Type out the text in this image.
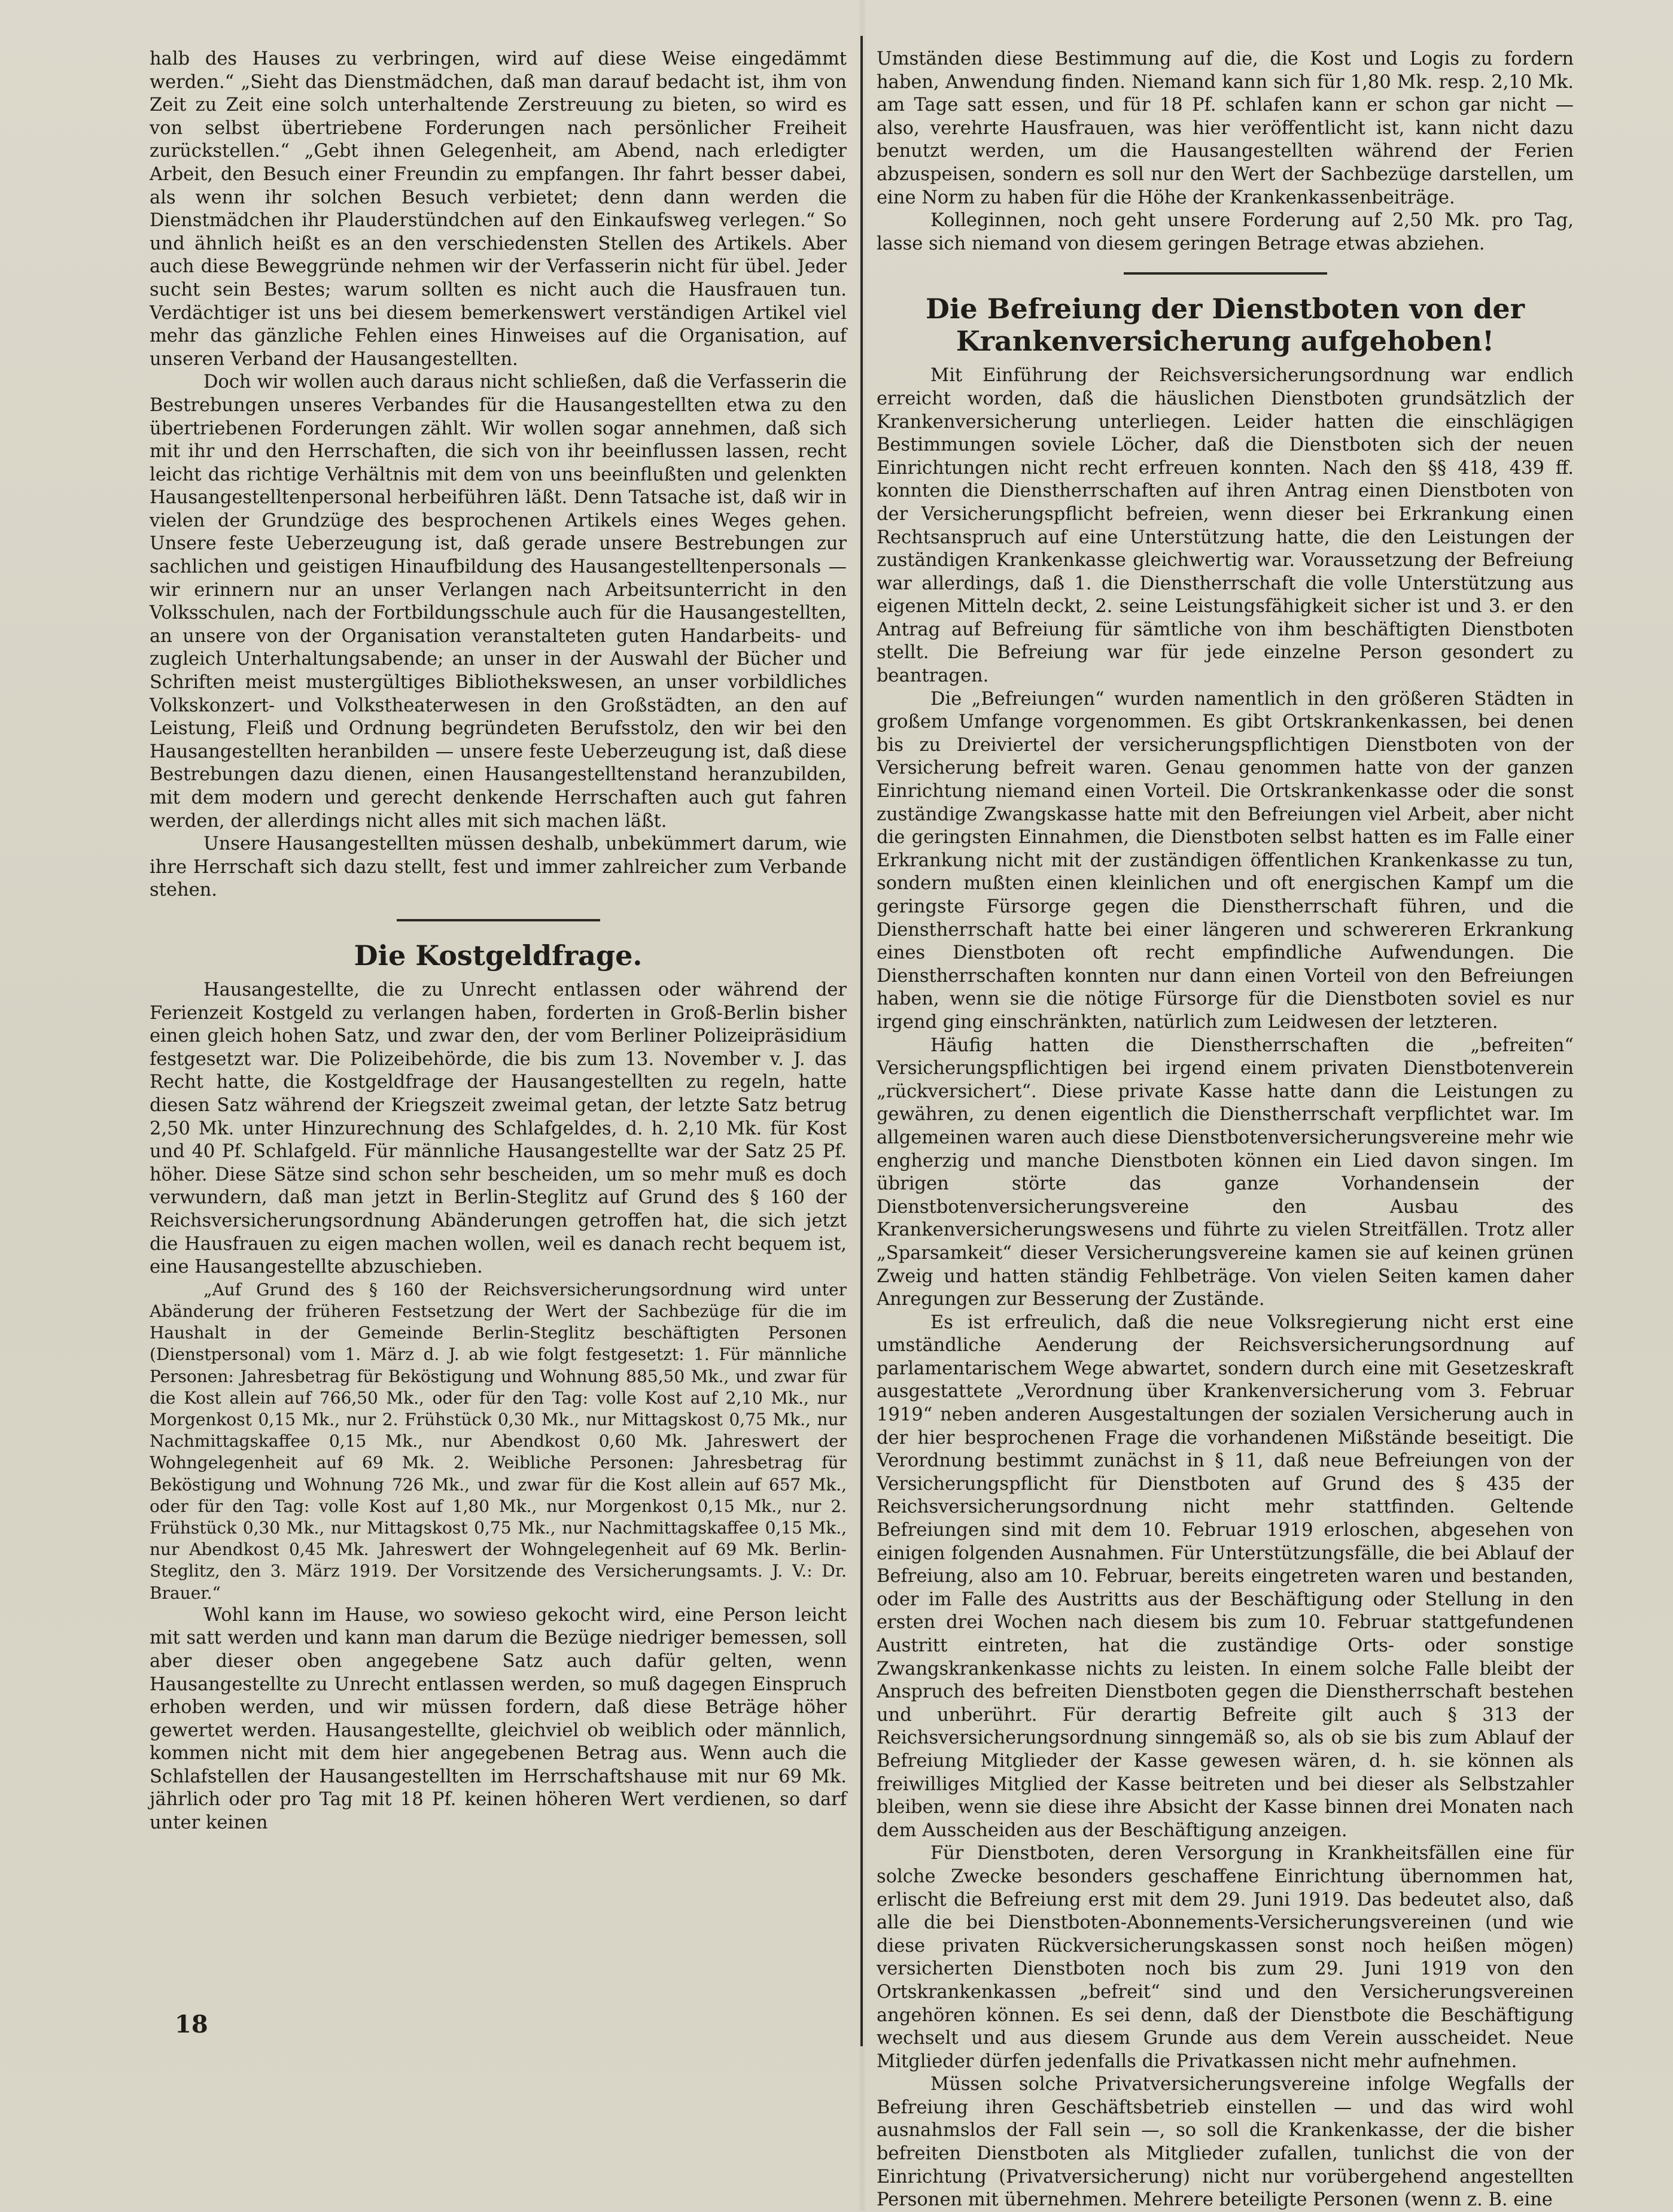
halb des Hauses zu verbringen, wird auf diese Weise eingedämmt werden.“ „Sieht das Dienstmädchen, daß man darauf bedacht ist, ihm von Zeit zu Zeit eine solch unterhaltende Zerstreuung zu bieten, so wird es von selbst übertriebene Forderungen nach persönlicher Freiheit zurückstellen.“ „Gebt ihnen Gelegenheit, am Abend, nach erledigter Arbeit, den Besuch einer Freundin zu empfangen. Ihr fahrt besser dabei, als wenn ihr solchen Besuch verbietet; denn dann werden die Dienstmädchen ihr Plauderstündchen auf den Einkaufsweg verlegen.“ So und ähnlich heißt es an den verschiedensten Stellen des Artikels. Aber auch diese Beweggründe nehmen wir der Verfasserin nicht für übel. Jeder sucht sein Bestes; warum sollten es nicht auch die Hausfrauen tun. Verdächtiger ist uns bei diesem bemerkenswert verständigen Artikel viel mehr das gänzliche Fehlen eines Hinweises auf die Organisation, auf unseren Verband der Hausangestellten.

Doch wir wollen auch daraus nicht schließen, daß die Verfasserin die Bestrebungen unseres Verbandes für die Hausangestellten etwa zu den übertriebenen Forderungen zählt. Wir wollen sogar annehmen, daß sich mit ihr und den Herrschaften, die sich von ihr beeinflussen lassen, recht leicht das richtige Verhältnis mit dem von uns beeinflußten und gelenkten Hausangestelltenpersonal herbeiführen läßt. Denn Tatsache ist, daß wir in vielen der Grundzüge des besprochenen Artikels eines Weges gehen. Unsere feste Ueberzeugung ist, daß gerade unsere Bestrebungen zur sachlichen und geistigen Hinaufbildung des Hausangestelltenpersonals — wir erinnern nur an unser Verlangen nach Arbeitsunterricht in den Volksschulen, nach der Fortbildungsschule auch für die Hausangestellten, an unsere von der Organisation veranstalteten guten Handarbeits- und zugleich Unterhaltungsabende; an unser in der Auswahl der Bücher und Schriften meist mustergültiges Bibliothekswesen, an unser vorbildliches Volkskonzert- und Volkstheaterwesen in den Großstädten, an den auf Leistung, Fleiß und Ordnung begründeten Berufsstolz, den wir bei den Hausangestellten heranbilden — unsere feste Ueberzeugung ist, daß diese Bestrebungen dazu dienen, einen Hausangestelltenstand heranzubilden, mit dem modern und gerecht denkende Herrschaften auch gut fahren werden, der allerdings nicht alles mit sich machen läßt.

Unsere Hausangestellten müssen deshalb, unbekümmert darum, wie ihre Herrschaft sich dazu stellt, fest und immer zahlreicher zum Verbande stehen.

Die Kostgeldfrage.

Hausangestellte, die zu Unrecht entlassen oder während der Ferienzeit Kostgeld zu verlangen haben, forderten in Groß-Berlin bisher einen gleich hohen Satz, und zwar den, der vom Berliner Polizeipräsidium festgesetzt war. Die Polizeibehörde, die bis zum 13. November v. J. das Recht hatte, die Kostgeldfrage der Hausangestellten zu regeln, hatte diesen Satz während der Kriegszeit zweimal getan, der letzte Satz betrug 2,50 Mk. unter Hinzurechnung des Schlafgeldes, d. h. 2,10 Mk. für Kost und 40 Pf. Schlafgeld. Für männliche Hausangestellte war der Satz 25 Pf. höher. Diese Sätze sind schon sehr bescheiden, um so mehr muß es doch verwundern, daß man jetzt in Berlin-Steglitz auf Grund des § 160 der Reichsversicherungsordnung Abänderungen getroffen hat, die sich jetzt die Hausfrauen zu eigen machen wollen, weil es danach recht bequem ist, eine Hausangestellte abzuschieben.

„Auf Grund des § 160 der Reichsversicherungsordnung wird unter Abänderung der früheren Festsetzung der Wert der Sachbezüge für die im Haushalt in der Gemeinde Berlin-Steglitz beschäftigten Personen (Dienstpersonal) vom 1. März d. J. ab wie folgt festgesetzt: 1. Für männliche Personen: Jahresbetrag für Beköstigung und Wohnung 885,50 Mk., und zwar für die Kost allein auf 766,50 Mk., oder für den Tag: volle Kost auf 2,10 Mk., nur Morgenkost 0,15 Mk., nur 2. Frühstück 0,30 Mk., nur Mittagskost 0,75 Mk., nur Nachmittagskaffee 0,15 Mk., nur Abendkost 0,60 Mk. Jahreswert der Wohngelegenheit auf 69 Mk. 2. Weibliche Personen: Jahresbetrag für Beköstigung und Wohnung 726 Mk., und zwar für die Kost allein auf 657 Mk., oder für den Tag: volle Kost auf 1,80 Mk., nur Morgenkost 0,15 Mk., nur 2. Frühstück 0,30 Mk., nur Mittagskost 0,75 Mk., nur Nachmittagskaffee 0,15 Mk., nur Abendkost 0,45 Mk. Jahreswert der Wohngelegenheit auf 69 Mk. Berlin-Steglitz, den 3. März 1919. Der Vorsitzende des Versicherungsamts. J. V.: Dr. Brauer.“

Wohl kann im Hause, wo sowieso gekocht wird, eine Person leicht mit satt werden und kann man darum die Bezüge niedriger bemessen, soll aber dieser oben angegebene Satz auch dafür gelten, wenn Hausangestellte zu Unrecht entlassen werden, so muß dagegen Einspruch erhoben werden, und wir müssen fordern, daß diese Beträge höher gewertet werden. Hausangestellte, gleichviel ob weiblich oder männlich, kommen nicht mit dem hier angegebenen Betrag aus. Wenn auch die Schlafstellen der Hausangestellten im Herrschaftshause mit nur 69 Mk. jährlich oder pro Tag mit 18 Pf. keinen höheren Wert verdienen, so darf unter keinen

Umständen diese Bestimmung auf die, die Kost und Logis zu fordern haben, Anwendung finden. Niemand kann sich für 1,80 Mk. resp. 2,10 Mk. am Tage satt essen, und für 18 Pf. schlafen kann er schon gar nicht — also, verehrte Hausfrauen, was hier veröffentlicht ist, kann nicht dazu benutzt werden, um die Hausangestellten während der Ferien abzuspeisen, sondern es soll nur den Wert der Sachbezüge darstellen, um eine Norm zu haben für die Höhe der Krankenkassenbeiträge.

Kolleginnen, noch geht unsere Forderung auf 2,50 Mk. pro Tag, lasse sich niemand von diesem geringen Betrage etwas abziehen.

Die Befreiung der Dienstboten von der Krankenversicherung aufgehoben!

Mit Einführung der Reichsversicherungsordnung war endlich erreicht worden, daß die häuslichen Dienstboten grundsätzlich der Krankenversicherung unterliegen. Leider hatten die einschlägigen Bestimmungen soviele Löcher, daß die Dienstboten sich der neuen Einrichtungen nicht recht erfreuen konnten. Nach den §§ 418, 439 ff. konnten die Dienstherrschaften auf ihren Antrag einen Dienstboten von der Versicherungspflicht befreien, wenn dieser bei Erkrankung einen Rechtsanspruch auf eine Unterstützung hatte, die den Leistungen der zuständigen Krankenkasse gleichwertig war. Voraussetzung der Befreiung war allerdings, daß 1. die Dienstherrschaft die volle Unterstützung aus eigenen Mitteln deckt, 2. seine Leistungsfähigkeit sicher ist und 3. er den Antrag auf Befreiung für sämtliche von ihm beschäftigten Dienstboten stellt. Die Befreiung war für jede einzelne Person gesondert zu beantragen.

Die „Befreiungen“ wurden namentlich in den größeren Städten in großem Umfange vorgenommen. Es gibt Ortskrankenkassen, bei denen bis zu Dreiviertel der versicherungspflichtigen Dienstboten von der Versicherung befreit waren. Genau genommen hatte von der ganzen Einrichtung niemand einen Vorteil. Die Ortskrankenkasse oder die sonst zuständige Zwangskasse hatte mit den Befreiungen viel Arbeit, aber nicht die geringsten Einnahmen, die Dienstboten selbst hatten es im Falle einer Erkrankung nicht mit der zuständigen öffentlichen Krankenkasse zu tun, sondern mußten einen kleinlichen und oft energischen Kampf um die geringste Fürsorge gegen die Dienstherrschaft führen, und die Dienstherrschaft hatte bei einer längeren und schwereren Erkrankung eines Dienstboten oft recht empfindliche Aufwendungen. Die Dienstherrschaften konnten nur dann einen Vorteil von den Befreiungen haben, wenn sie die nötige Fürsorge für die Dienstboten soviel es nur irgend ging einschränkten, natürlich zum Leidwesen der letzteren.

Häufig hatten die Dienstherrschaften die „befreiten“ Versicherungspflichtigen bei irgend einem privaten Dienstbotenverein „rückversichert“. Diese private Kasse hatte dann die Leistungen zu gewähren, zu denen eigentlich die Dienstherrschaft verpflichtet war. Im allgemeinen waren auch diese Dienstbotenversicherungsvereine mehr wie engherzig und manche Dienstboten können ein Lied davon singen. Im übrigen störte das ganze Vorhandensein der Dienstbotenversicherungsvereine den Ausbau des Krankenversicherungswesens und führte zu vielen Streitfällen. Trotz aller „Sparsamkeit“ dieser Versicherungsvereine kamen sie auf keinen grünen Zweig und hatten ständig Fehlbeträge. Von vielen Seiten kamen daher Anregungen zur Besserung der Zustände.

Es ist erfreulich, daß die neue Volksregierung nicht erst eine umständliche Aenderung der Reichsversicherungsordnung auf parlamentarischem Wege abwartet, sondern durch eine mit Gesetzeskraft ausgestattete „Verordnung über Krankenversicherung vom 3. Februar 1919“ neben anderen Ausgestaltungen der sozialen Versicherung auch in der hier besprochenen Frage die vorhandenen Mißstände beseitigt. Die Verordnung bestimmt zunächst in § 11, daß neue Befreiungen von der Versicherungspflicht für Dienstboten auf Grund des § 435 der Reichsversicherungsordnung nicht mehr stattfinden. Geltende Befreiungen sind mit dem 10. Februar 1919 erloschen, abgesehen von einigen folgenden Ausnahmen. Für Unterstützungsfälle, die bei Ablauf der Befreiung, also am 10. Februar, bereits eingetreten waren und bestanden, oder im Falle des Austritts aus der Beschäftigung oder Stellung in den ersten drei Wochen nach diesem bis zum 10. Februar stattgefundenen Austritt eintreten, hat die zuständige Orts- oder sonstige Zwangskrankenkasse nichts zu leisten. In einem solche Falle bleibt der Anspruch des befreiten Dienstboten gegen die Dienstherrschaft bestehen und unberührt. Für derartig Befreite gilt auch § 313 der Reichsversicherungsordnung sinngemäß so, als ob sie bis zum Ablauf der Befreiung Mitglieder der Kasse gewesen wären, d. h. sie können als freiwilliges Mitglied der Kasse beitreten und bei dieser als Selbstzahler bleiben, wenn sie diese ihre Absicht der Kasse binnen drei Monaten nach dem Ausscheiden aus der Beschäftigung anzeigen.

Für Dienstboten, deren Versorgung in Krankheitsfällen eine für solche Zwecke besonders geschaffene Einrichtung übernommen hat, erlischt die Befreiung erst mit dem 29. Juni 1919. Das bedeutet also, daß alle die bei Dienstboten-Abonnements-Versicherungsvereinen (und wie diese privaten Rückversicherungskassen sonst noch heißen mögen) versicherten Dienstboten noch bis zum 29. Juni 1919 von den Ortskrankenkassen „befreit“ sind und den Versicherungsvereinen angehören können. Es sei denn, daß der Dienstbote die Beschäftigung wechselt und aus diesem Grunde aus dem Verein ausscheidet. Neue Mitglieder dürfen jedenfalls die Privatkassen nicht mehr aufnehmen.

Müssen solche Privatversicherungsvereine infolge Wegfalls der Befreiung ihren Geschäftsbetrieb einstellen — und das wird wohl ausnahmslos der Fall sein —, so soll die Krankenkasse, der die bisher befreiten Dienstboten als Mitglieder zufallen, tunlichst die von der Einrichtung (Privatversicherung) nicht nur vorübergehend angestellten Personen mit übernehmen. Mehrere beteiligte Personen (wenn z. B. eine

18
